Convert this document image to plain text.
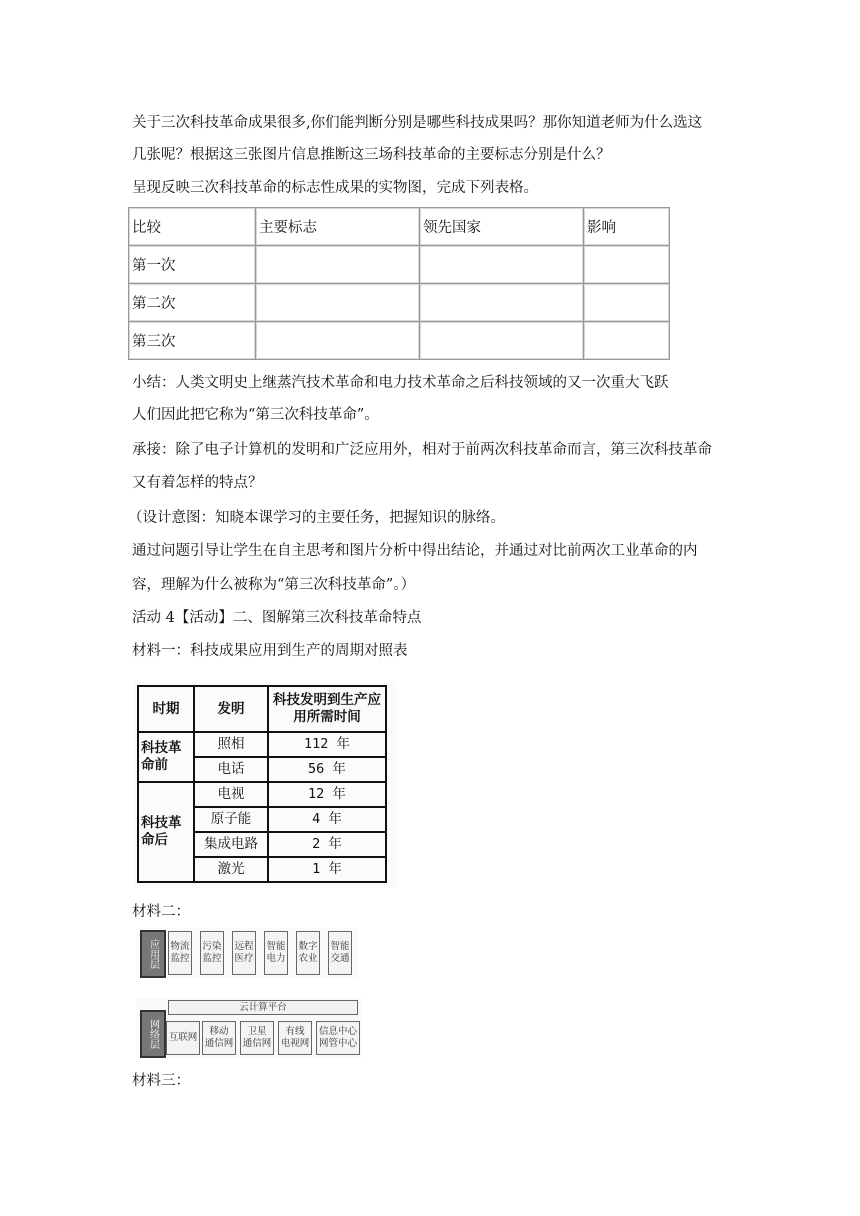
关于三次科技革命成果很多,你们能判断分别是哪些科技成果吗？那你知道老师为什么选这
几张呢？根据这三张图片信息推断这三场科技革命的主要标志分别是什么？
呈现反映三次科技革命的标志性成果的实物图，完成下列表格。
比较	主要标志	领先国家	影响
第一次			
第二次			
第三次			
小结：人类文明史上继蒸汽技术革命和电力技术革命之后科技领域的又一次重大飞跃
人们因此把它称为“第三次科技革命”。
承接：除了电子计算机的发明和广泛应用外，相对于前两次科技革命而言，第三次科技革命
又有着怎样的特点？
（设计意图：知晓本课学习的主要任务，把握知识的脉络。
通过问题引导让学生在自主思考和图片分析中得出结论，并通过对比前两次工业革命的内
容，理解为什么被称为“第三次科技革命”。）
活动 4【活动】二、图解第三次科技革命特点
材料一：科技成果应用到生产的周期对照表
时期	发明	科技发明到生产应用所需时间
科技革命前	照相	112 年
	电话	56 年
科技革命后	电视	12 年
	原子能	4 年
	集成电路	2 年
	激光	1 年
材料二：
应用层	物流
监控
污染
监控
远程
医疗
智能
电力
数字
农业
智能
交通
网络层
云计算平台
互联网
移动
通信网
卫星
通信网
有线
电视网
信息中心
网管中心
材料三：
